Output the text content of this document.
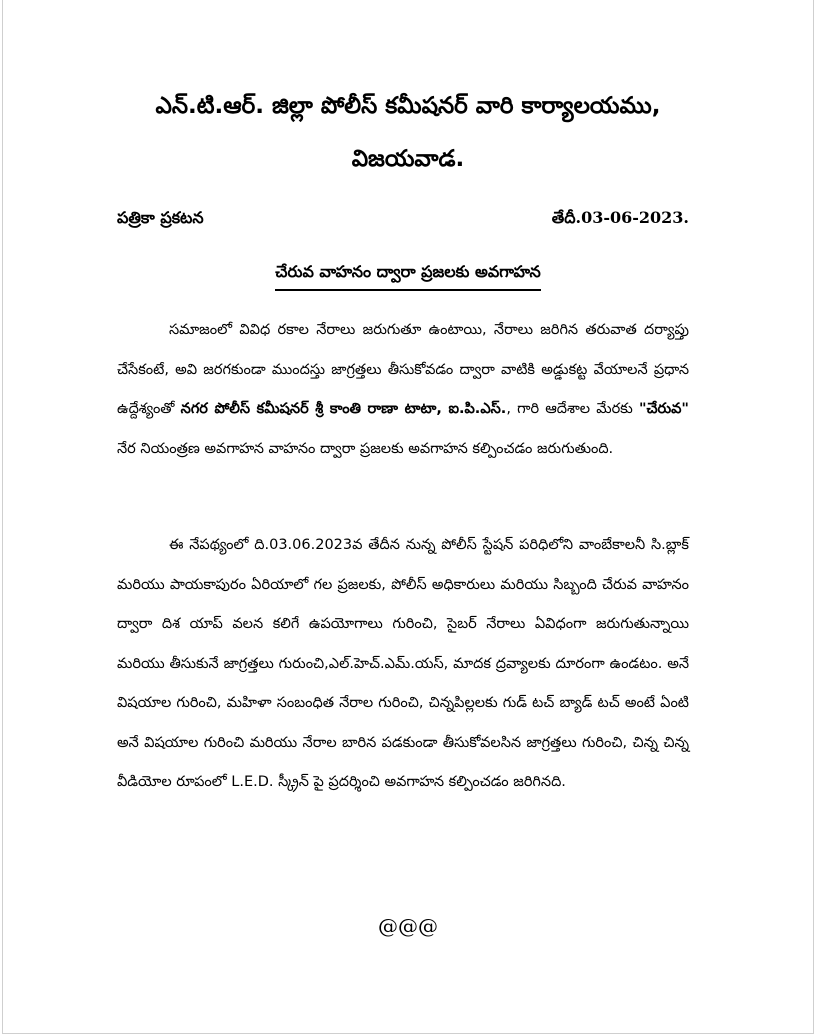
ఎన్.టి.ఆర్. జిల్లా పోలీస్ కమీషనర్ వారి కార్యాలయము,
విజయవాడ.
పత్రికా ప్రకటన	తేదీ.03-06-2023.
చేరువ వాహనం ద్వారా ప్రజలకు అవగాహన
సమాజంలో వివిధ రకాల నేరాలు జరుగుతూ ఉంటాయి, నేరాలు జరిగిన తరువాత దర్యాప్తు చేసేకంటే, అవి జరగకుండా ముందస్తు జాగ్రత్తలు తీసుకోవడం ద్వారా వాటికి అడ్డుకట్ట వేయాలనే ప్రధాన ఉద్దేశ్యంతో నగర పోలీస్ కమీషనర్ శ్రీ కాంతి రాణా టాటా, ఐ.పి.ఎస్., గారి ఆదేశాల మేరకు "చేరువ" నేర నియంత్రణ అవగాహన వాహనం ద్వారా ప్రజలకు అవగాహన కల్పించడం జరుగుతుంది.
ఈ నేపథ్యంలో ది.03.06.2023వ తేదీన నున్న పోలీస్ స్టేషన్ పరిధిలోని వాంబేకాలనీ సి.బ్లాక్ మరియు పాయకాపురం ఏరియాలో గల ప్రజలకు, పోలీస్ అధికారులు మరియు సిబ్బంది చేరువ వాహనం ద్వారా దిశ యాప్ వలన కలిగే ఉపయోగాలు గురించి, సైబర్ నేరాలు ఏవిధంగా జరుగుతున్నాయి మరియు తీసుకునే జాగ్రత్తలు గురుంచి,ఎల్.హెచ్.ఎమ్.యస్, మాదక ద్రవ్యాలకు దూరంగా ఉండటం. అనే విషయాల గురించి, మహిళా సంబంధిత నేరాల గురించి, చిన్నపిల్లలకు గుడ్ టచ్ బ్యాడ్ టచ్ అంటే ఏంటి అనే విషయాల గురించి మరియు నేరాల బారిన పడకుండా తీసుకోవలసిన జాగ్రత్తలు గురించి, చిన్న చిన్న వీడియోల రూపంలో L.E.D. స్క్రీన్ పై ప్రదర్శించి అవగాహన కల్పించడం జరిగినది.
@@@
